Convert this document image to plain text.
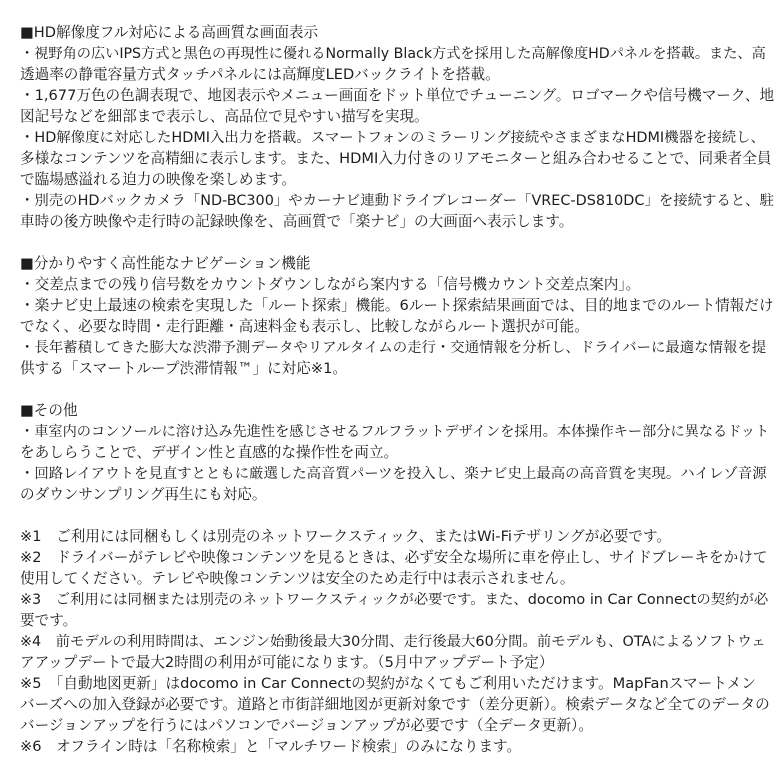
■HD解像度フル対応による高画質な画面表示
・視野角の広いIPS方式と黒色の再現性に優れるNormally Black方式を採用した高解像度HDパネルを搭載。また、高
透過率の静電容量方式タッチパネルには高輝度LEDバックライトを搭載。
・1,677万色の色調表現で、地図表示やメニュー画面をドット単位でチューニング。ロゴマークや信号機マーク、地
図記号などを細部まで表示し、高品位で見やすい描写を実現。
・HD解像度に対応したHDMI入出力を搭載。スマートフォンのミラーリング接続やさまざまなHDMI機器を接続し、
多様なコンテンツを高精細に表示します。また、HDMI入力付きのリアモニターと組み合わせることで、同乗者全員
で臨場感溢れる迫力の映像を楽しめます。
・別売のHDバックカメラ「ND-BC300」やカーナビ連動ドライブレコーダー「VREC-DS810DC」を接続すると、駐
車時の後方映像や走行時の記録映像を、高画質で「楽ナビ」の大画面へ表示します。
■分かりやすく高性能なナビゲーション機能
・交差点までの残り信号数をカウントダウンしながら案内する「信号機カウント交差点案内」。
・楽ナビ史上最速の検索を実現した「ルート探索」機能。6ルート探索結果画面では、目的地までのルート情報だけ
でなく、必要な時間・走行距離・高速料金も表示し、比較しながらルート選択が可能。
・長年蓄積してきた膨大な渋滞予測データやリアルタイムの走行・交通情報を分析し、ドライバーに最適な情報を提
供する「スマートループ渋滞情報™」に対応※1。
■その他
・車室内のコンソールに溶け込み先進性を感じさせるフルフラットデザインを採用。本体操作キー部分に異なるドット
をあしらうことで、デザイン性と直感的な操作性を両立。
・回路レイアウトを見直すとともに厳選した高音質パーツを投入し、楽ナビ史上最高の高音質を実現。ハイレゾ音源
のダウンサンプリング再生にも対応。
※1　ご利用には同梱もしくは別売のネットワークスティック、またはWi-Fiテザリングが必要です。
※2　ドライバーがテレビや映像コンテンツを見るときは、必ず安全な場所に車を停止し、サイドブレーキをかけて
使用してください。テレビや映像コンテンツは安全のため走行中は表示されません。
※3　ご利用には同梱または別売のネットワークスティックが必要です。また、docomo in Car Connectの契約が必
要です。
※4　前モデルの利用時間は、エンジン始動後最大30分間、走行後最大60分間。前モデルも、OTAによるソフトウェ
アアップデートで最大2時間の利用が可能になります。（5月中アップデート予定）
※5　「自動地図更新」はdocomo in Car Connectの契約がなくてもご利用いただけます。MapFanスマートメン
バーズへの加入登録が必要です。道路と市街詳細地図が更新対象です（差分更新）。検索データなど全てのデータの
バージョンアップを行うにはパソコンでバージョンアップが必要です（全データ更新）。
※6　オフライン時は「名称検索」と「マルチワード検索」のみになります。
